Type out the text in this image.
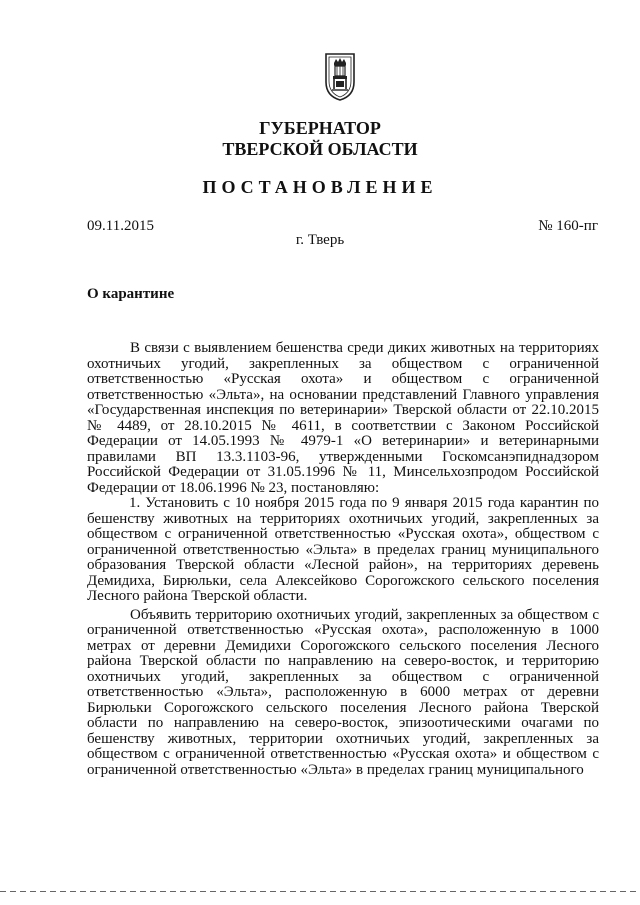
ГУБЕРНАТОР
ТВЕРСКОЙ ОБЛАСТИ
ПОСТАНОВЛЕНИЕ
09.11.2015	№ 160-пг
г. Тверь
О карантине

В связи с выявлением бешенства среди диких животных на территориях охотничьих угодий, закрепленных за обществом с ограниченной ответственностью «Русская охота» и обществом с ограниченной ответственностью «Эльта», на основании представлений Главного управления «Государственная инспекция по ветеринарии» Тверской области от 22.10.2015 № 4489, от 28.10.2015 № 4611, в соответствии с Законом Российской Федерации от 14.05.1993 № 4979-1 «О ветеринарии» и ветеринарными правилами ВП 13.3.1103-96, утвержденными Госкомсанэпиднадзором Российской Федерации от 31.05.1996 № 11, Минсельхозпродом Российской Федерации от 18.06.1996 № 23, постановляю:

1. Установить с 10 ноября 2015 года по 9 января 2015 года карантин по бешенству животных на территориях охотничьих угодий, закрепленных за обществом с ограниченной ответственностью «Русская охота», обществом с ограниченной ответственностью «Эльта» в пределах границ муниципального образования Тверской области «Лесной район», на территориях деревень Демидиха, Бирюльки, села Алексейково Сорогожского сельского поселения Лесного района Тверской области.

Объявить территорию охотничьих угодий, закрепленных за обществом с ограниченной ответственностью «Русская охота», расположенную в 1000 метрах от деревни Демидихи Сорогожского сельского поселения Лесного района Тверской области по направлению на северо-восток, и территорию охотничьих угодий, закрепленных за обществом с ограниченной ответственностью «Эльта», расположенную в 6000 метрах от деревни Бирюльки Сорогожского сельского поселения Лесного района Тверской области по направлению на северо-восток, эпизоотическими очагами по бешенству животных, территории охотничьих угодий, закрепленных за обществом с ограниченной ответственностью «Русская охота» и обществом с ограниченной ответственностью «Эльта» в пределах границ муниципального
